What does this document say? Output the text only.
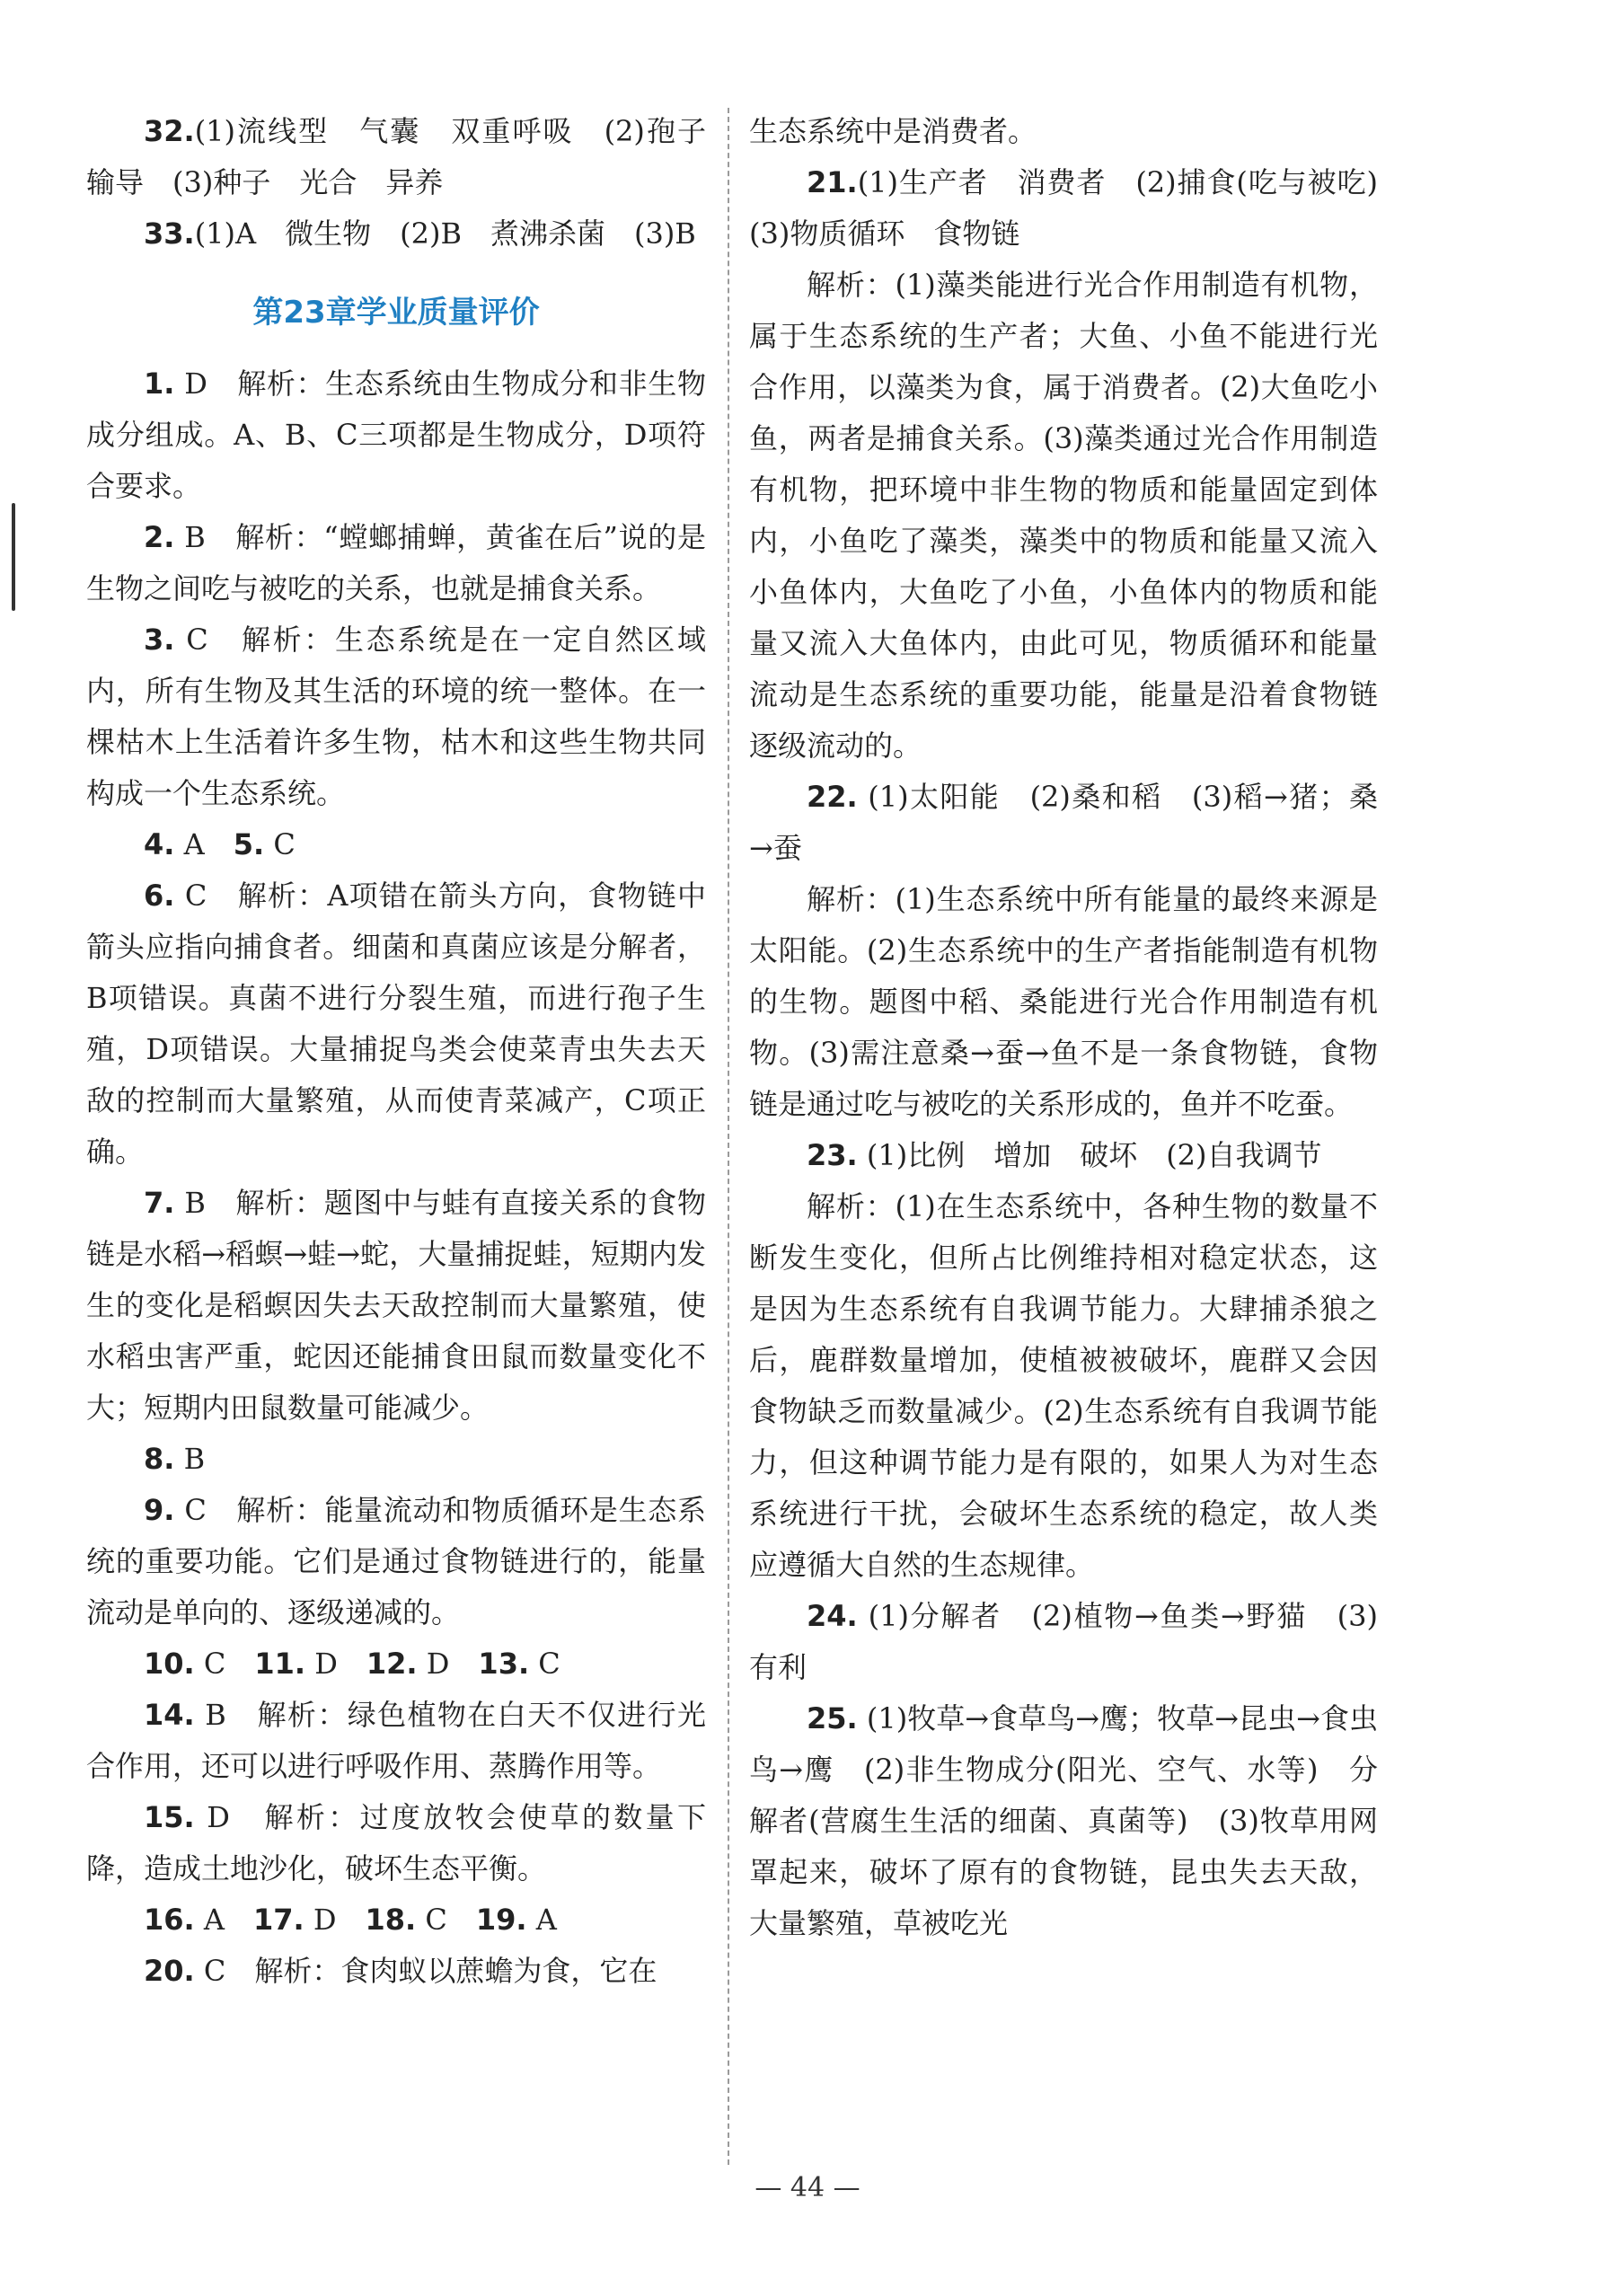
32.(1)流线型　气囊　双重呼吸　(2)孢子　输导　(3)种子　光合　异养

33.(1)A　微生物　(2)B　煮沸杀菌　(3)B

第23章学业质量评价

1. D　解析：生态系统由生物成分和非生物成分组成。A、B、C三项都是生物成分，D项符合要求。

2. B　解析：“螳螂捕蝉，黄雀在后”说的是生物之间吃与被吃的关系，也就是捕食关系。

3. C　解析：生态系统是在一定自然区域内，所有生物及其生活的环境的统一整体。在一棵枯木上生活着许多生物，枯木和这些生物共同构成一个生态系统。

4. A　 5. C

6. C　解析：A项错在箭头方向，食物链中箭头应指向捕食者。细菌和真菌应该是分解者，B项错误。真菌不进行分裂生殖，而进行孢子生殖，D项错误。大量捕捉鸟类会使菜青虫失去天敌的控制而大量繁殖，从而使青菜减产，C项正确。

7. B　解析：题图中与蛙有直接关系的食物链是水稻→稻螟→蛙→蛇，大量捕捉蛙，短期内发生的变化是稻螟因失去天敌控制而大量繁殖，使水稻虫害严重，蛇因还能捕食田鼠而数量变化不大；短期内田鼠数量可能减少。

8. B

9. C　解析：能量流动和物质循环是生态系统的重要功能。它们是通过食物链进行的，能量流动是单向的、逐级递减的。

10. C　 11. D　 12. D　 13. C

14. B　解析：绿色植物在白天不仅进行光合作用，还可以进行呼吸作用、蒸腾作用等。

15. D　解析：过度放牧会使草的数量下降，造成土地沙化，破坏生态平衡。

16. A　 17. D　 18. C　 19. A

20. C　解析：食肉蚁以蔗蟾为食，它在

生态系统中是消费者。

21.(1)生产者　消费者　(2)捕食(吃与被吃)　(3)物质循环　食物链

解析：(1)藻类能进行光合作用制造有机物，属于生态系统的生产者；大鱼、小鱼不能进行光合作用，以藻类为食，属于消费者。(2)大鱼吃小鱼，两者是捕食关系。(3)藻类通过光合作用制造有机物，把环境中非生物的物质和能量固定到体内，小鱼吃了藻类，藻类中的物质和能量又流入小鱼体内，大鱼吃了小鱼，小鱼体内的物质和能量又流入大鱼体内，由此可见，物质循环和能量流动是生态系统的重要功能，能量是沿着食物链逐级流动的。

22. (1)太阳能　(2)桑和稻　(3)稻→猪；桑→蚕

解析：(1)生态系统中所有能量的最终来源是太阳能。(2)生态系统中的生产者指能制造有机物的生物。题图中稻、桑能进行光合作用制造有机物。(3)需注意桑→蚕→鱼不是一条食物链，食物链是通过吃与被吃的关系形成的，鱼并不吃蚕。

23. (1)比例　增加　破坏　(2)自我调节

解析：(1)在生态系统中，各种生物的数量不断发生变化，但所占比例维持相对稳定状态，这是因为生态系统有自我调节能力。大肆捕杀狼之后，鹿群数量增加，使植被被破坏，鹿群又会因食物缺乏而数量减少。(2)生态系统有自我调节能力，但这种调节能力是有限的，如果人为对生态系统进行干扰，会破坏生态系统的稳定，故人类应遵循大自然的生态规律。

24. (1)分解者　(2)植物→鱼类→野猫　(3)有利

25. (1)牧草→食草鸟→鹰；牧草→昆虫→食虫鸟→鹰　(2)非生物成分(阳光、空气、水等)　分解者(营腐生生活的细菌、真菌等)　(3)牧草用网罩起来，破坏了原有的食物链，昆虫失去天敌，大量繁殖，草被吃光

— 44 —
